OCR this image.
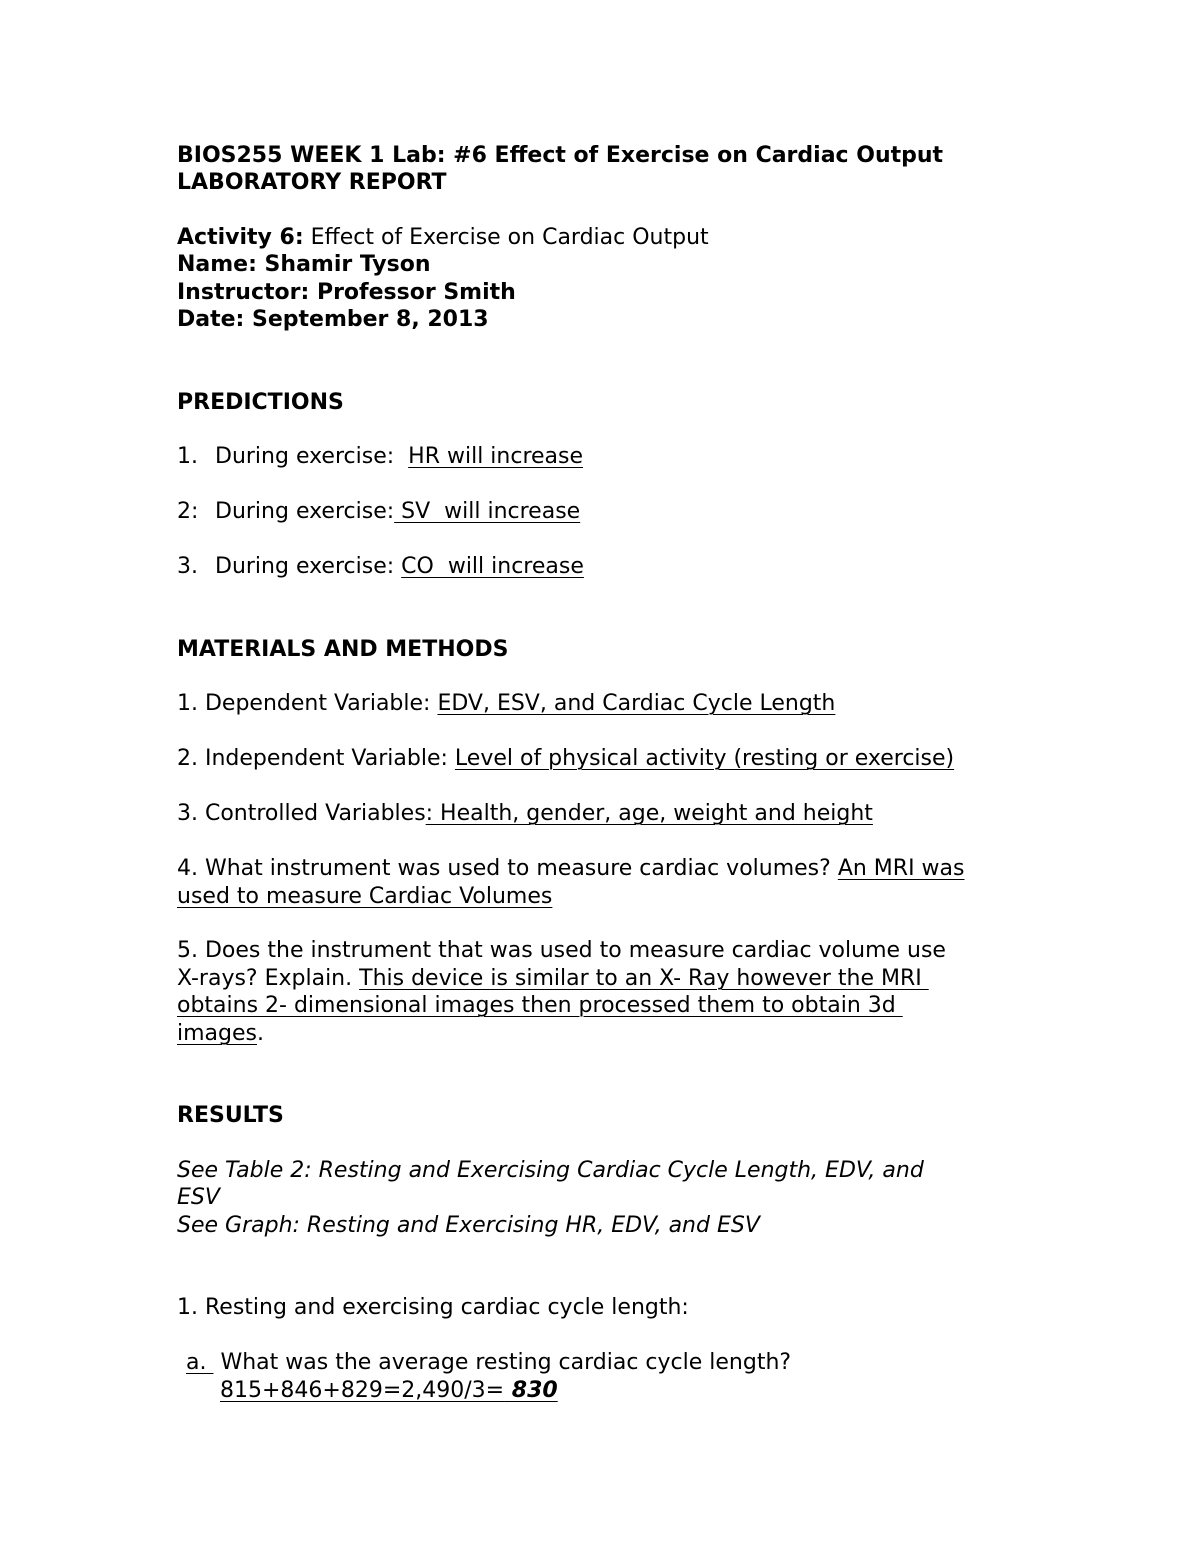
BIOS255 WEEK 1 Lab: #6 Effect of Exercise on Cardiac Output
LABORATORY REPORT
Activity 6: Effect of Exercise on Cardiac Output
Name: Shamir Tyson
Instructor: Professor Smith
Date: September 8, 2013
PREDICTIONS
1. During exercise: HR will increase
2: During exercise: SV  will increase
3. During exercise: CO  will increase
MATERIALS AND METHODS
1. Dependent Variable: EDV, ESV, and Cardiac Cycle Length
2. Independent Variable: Level of physical activity (resting or exercise)
3. Controlled Variables: Health, gender, age, weight and height
4. What instrument was used to measure cardiac volumes? An MRI was
used to measure Cardiac Volumes
5. Does the instrument that was used to measure cardiac volume use
X-rays? Explain. This device is similar to an X- Ray however the MRI
obtains 2- dimensional images then processed them to obtain 3d
images.
RESULTS
See Table 2: Resting and Exercising Cardiac Cycle Length, EDV, and
ESV
See Graph: Resting and Exercising HR, EDV, and ESV
1. Resting and exercising cardiac cycle length:
a.  What was the average resting cardiac cycle length?
815+846+829=2,490/3= 830
